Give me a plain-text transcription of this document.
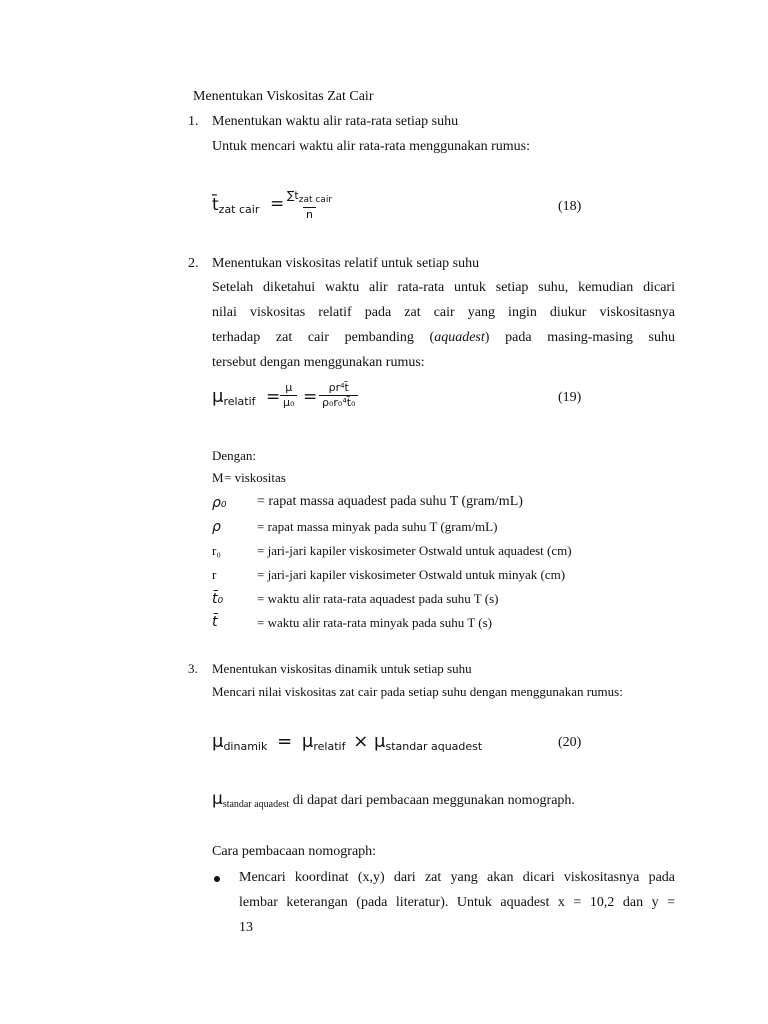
Menentukan Viskositas Zat Cair
1. Menentukan waktu alir rata-rata setiap suhu
Untuk mencari waktu alir rata-rata menggunakan rumus:
t̄zat cair = $\sum t_{zat cair}$
n
(18)
2. Menentukan viskositas relatif untuk setiap suhu
Setelah diketahui waktu alir rata-rata untuk setiap suhu, kemudian dicari
nilai viskositas relatif pada zat cair yang ingin diukur viskositasnya
terhadap zat cair pembanding (aquadest) pada masing-masing suhu
tersebut dengan menggunakan rumus:
μrelatif = $\frac{\mu}{\text{μ₀}} = \frac{\text{ρr⁴t̄}}{\text{ρ₀r₀⁴t̄₀}}$	(19)
Dengan:
M = viskositas
ρ₀ = rapat massa aquadest pada suhu T (gram/mL)
ρ	= rapat massa minyak pada suhu T (gram/mL)
r₀	= jari-jari kapiler viskosimeter Ostwald untuk aquadest (cm)
r	= jari-jari kapiler viskosimeter Ostwald untuk minyak (cm)
t̄₀	= waktu alir rata-rata aquadest pada suhu T (s)
t̄	= waktu alir rata-rata minyak pada suhu T (s)
3. Menentukan viskositas dinamik untuk setiap suhu
Mencari nilai viskositas zat cair pada setiap suhu dengan menggunakan rumus:
μdinamik = μrelatif × μstandar aquadest	(20)
$\mu_{standar aquadest}$ di dapat dari pembacaan meggunakan nomograph.
Cara pembacaan nomograph:
Mencari koordinat (x,y) dari zat yang akan dicari viskositasnya pada
lembar keterangan (pada literatur). Untuk aquadest x = 10,2 dan y =
13
